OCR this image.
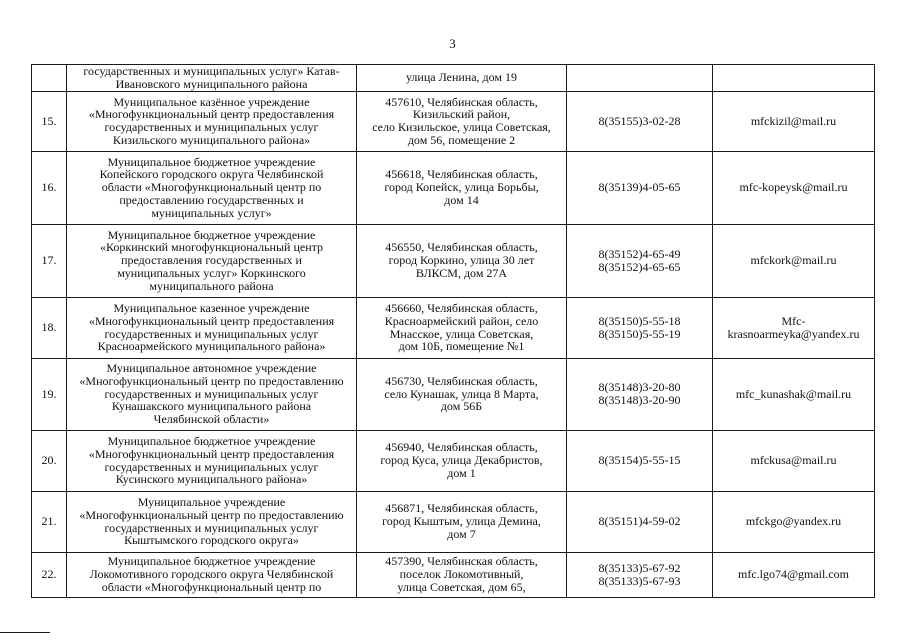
3

	государственных и муниципальных услуг» Катав-
Ивановского муниципального района	улица Ленина, дом 19		

15.	Муниципальное казённое учреждение
«Многофункциональный центр предоставления
государственных и муниципальных услуг
Кизильского муниципального района»	457610, Челябинская область,
Кизильский район,
село Кизильское, улица Советская,
дом 56, помещение 2	8(35155)3-02-28	mfckizil@mail.ru

16.	Муниципальное бюджетное учреждение
Копейского городского округа Челябинской
области «Многофункциональный центр по
предоставлению государственных и
муниципальных услуг»	456618, Челябинская область,
город Копейск, улица Борьбы,
дом 14	8(35139)4-05-65	mfc-kopeysk@mail.ru

17.	Муниципальное бюджетное учреждение
«Коркинский многофункциональный центр
предоставления государственных и
муниципальных услуг» Коркинского
муниципального района	456550, Челябинская область,
город Коркино, улица 30 лет
ВЛКСМ, дом 27А	8(35152)4-65-49
8(35152)4-65-65	mfckork@mail.ru

18.	Муниципальное казенное учреждение
«Многофункциональный центр предоставления
государственных и муниципальных услуг
Красноармейского муниципального района»	456660, Челябинская область,
Красноармейский район, село
Мнасское, улица Советская,
дом 10Б, помещение №1	8(35150)5-55-18
8(35150)5-55-19	Mfc-
krasnoarmeyka@yandex.ru

19.	Муниципальное автономное учреждение
«Многофункциональный центр по предоставлению
государственных и муниципальных услуг
Кунашакского муниципального района
Челябинской области»	456730, Челябинская область,
село Кунашак, улица 8 Марта,
дом 56Б	8(35148)3-20-80
8(35148)3-20-90	mfc_kunashak@mail.ru

20.	Муниципальное бюджетное учреждение
«Многофункциональный центр предоставления
государственных и муниципальных услуг
Кусинского муниципального района»	456940, Челябинская область,
город Куса, улица Декабристов,
дом 1	8(35154)5-55-15	mfckusa@mail.ru

21.	Муниципальное учреждение
«Многофункциональный центр по предоставлению
государственных и муниципальных услуг
Кыштымского городского округа»	456871, Челябинская область,
город Кыштым, улица Демина,
дом 7	8(35151)4-59-02	mfckgo@yandex.ru

22.	Муниципальное бюджетное учреждение
Локомотивного городского округа Челябинской
области «Многофункциональный центр по	457390, Челябинская область,
поселок Локомотивный,
улица Советская, дом 65,	8(35133)5-67-92
8(35133)5-67-93	mfc.lgo74@gmail.com
